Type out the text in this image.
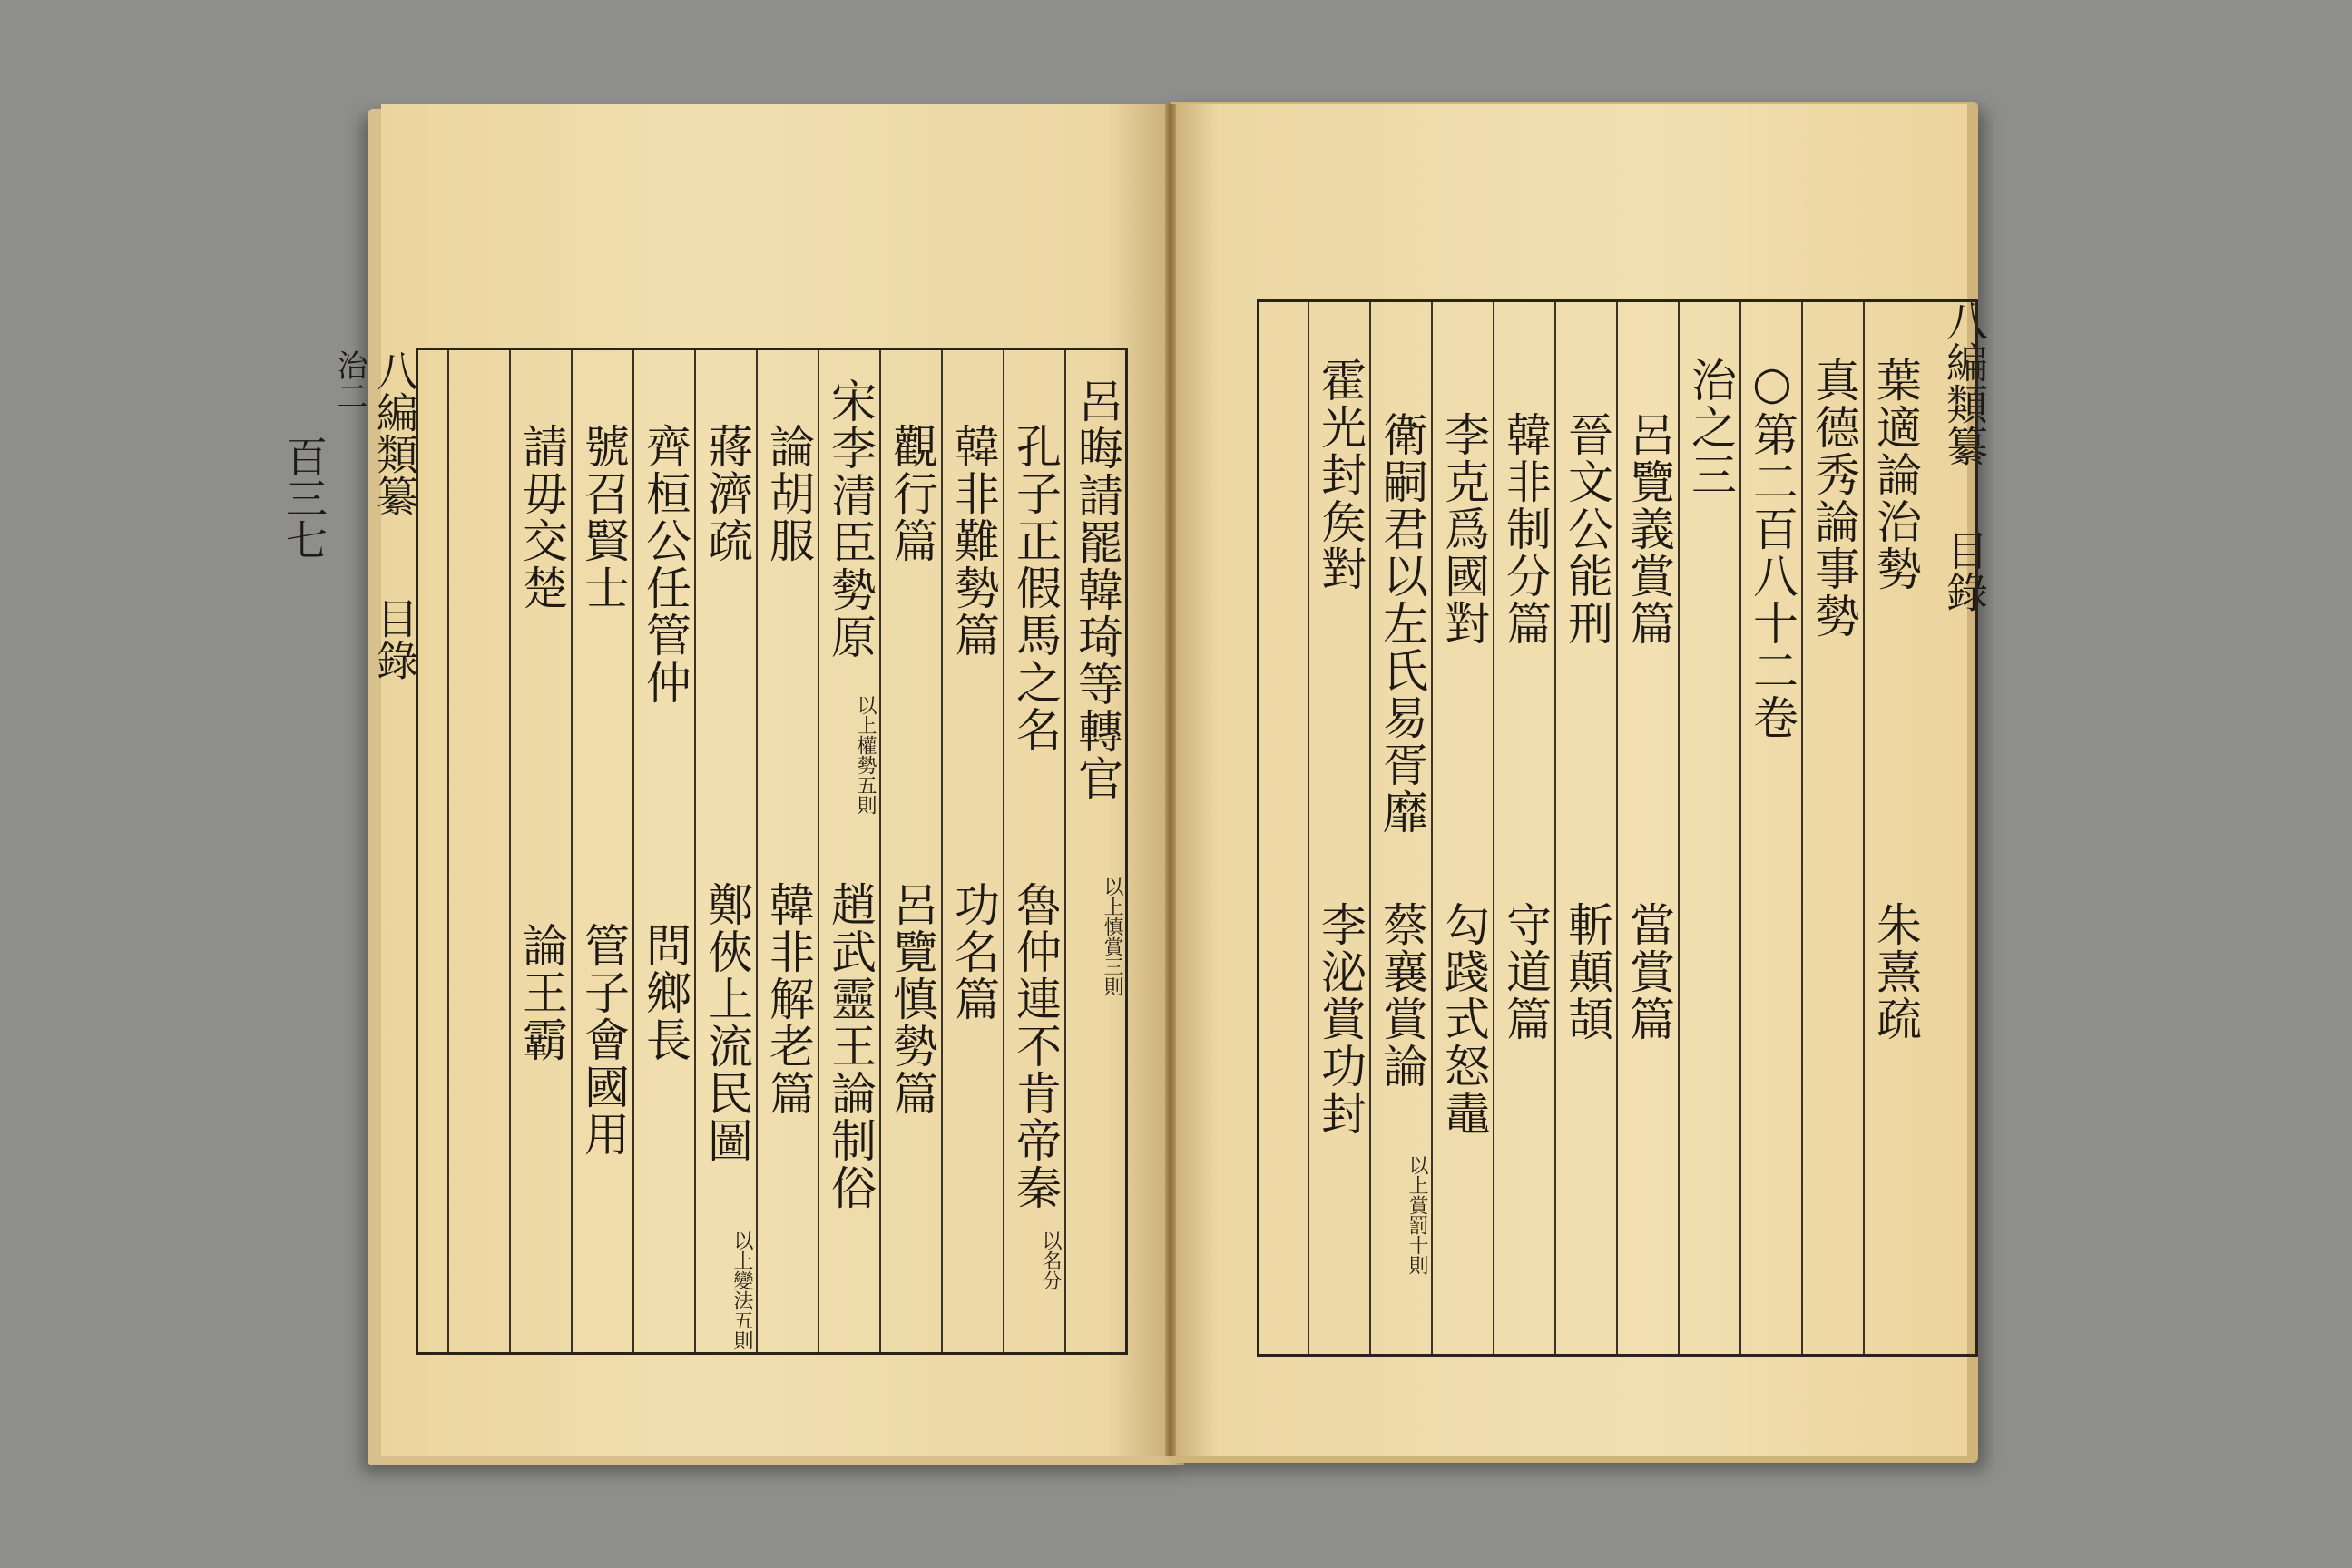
八編類纂  目錄
治二
百三七
八編類纂  目錄
呂晦請罷韓琦等轉官
以上慎賞三則
孔子正假馬之名
魯仲連不肯帝秦
以名分
韓非難勢篇
功名篇
觀行篇
呂覽慎勢篇
宋李清臣勢原
以上權勢五則
趙武靈王論制俗
論胡服
韓非解老篇
蔣濟疏
鄭俠上流民圖
以上變法五則
齊桓公任管仲
問鄉長
號召賢士
管子會國用
請毋交楚
論王霸
葉適論治勢
朱熹疏
真德秀論事勢
○第二百八十二卷
治之三
呂覽義賞篇
當賞篇
晉文公能刑
斬顛頡
韓非制分篇
守道篇
李克爲國對
勾踐式怒鼃
衛嗣君以左氏易胥靡
蔡襄賞論
以上賞罰十則
霍光封矦對
李泌賞功封
